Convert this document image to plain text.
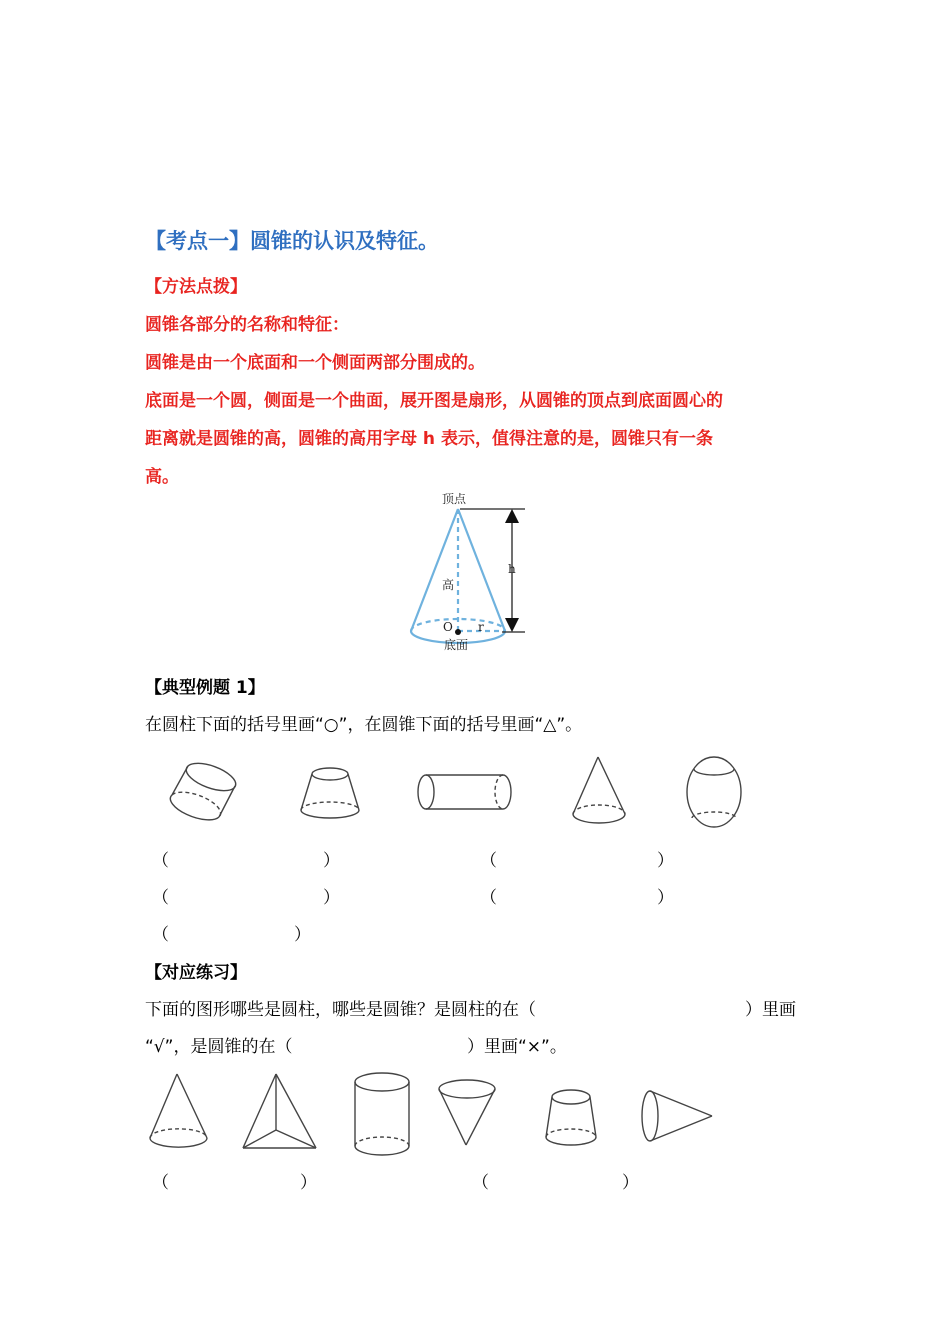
【考点一】圆锥的认识及特征。
【方法点拨】
圆锥各部分的名称和特征：
圆锥是由一个底面和一个侧面两部分围成的。
底面是一个圆，侧面是一个曲面，展开图是扇形，从圆锥的顶点到底面圆心的
距离就是圆锥的高，圆锥的高用字母 h 表示，值得注意的是，圆锥只有一条
高。
顶点
高
h
O r
底面
【典型例题 1】
在圆柱下面的括号里画“○”，在圆锥下面的括号里画“△”。
（	）	（	）
（	）	（	）
（	）
【对应练习】
下面的图形哪些是圆柱，哪些是圆锥？是圆柱的在（	）里画
“√”，是圆锥的在（	）里画“×”。
（	）	（	）
